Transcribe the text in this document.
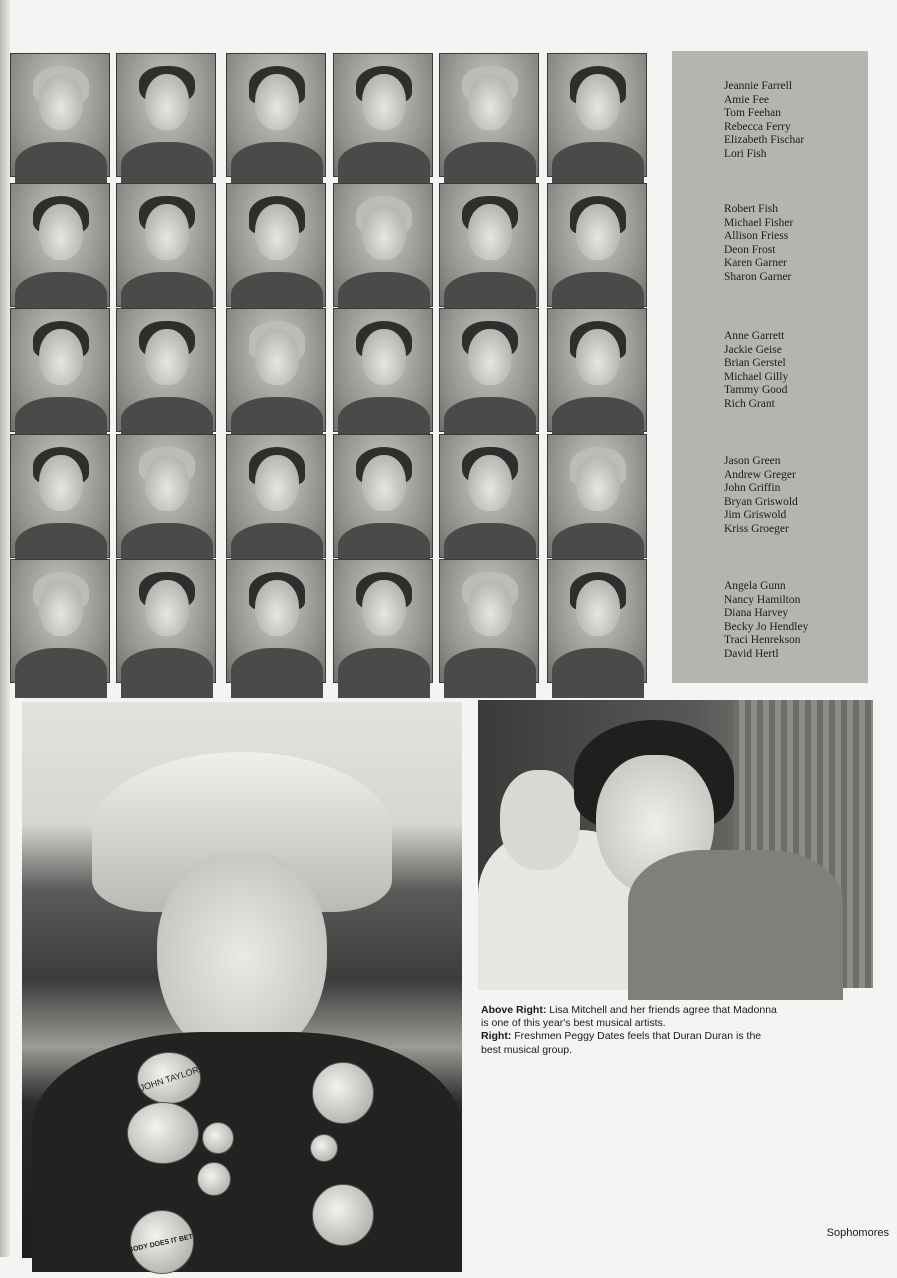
Jeannie Farrell
Amie Fee
Tom Feehan
Rebecca Ferry
Elizabeth Fischar
Lori Fish
Robert Fish
Michael Fisher
Allison Friess
Deon Frost
Karen Garner
Sharon Garner
Anne Garrett
Jackie Geise
Brian Gerstel
Michael Gilly
Tammy Good
Rich Grant
Jason Green
Andrew Greger
John Griffin
Bryan Griswold
Jim Griswold
Kriss Groeger
Angela Gunn
Nancy Hamilton
Diana Harvey
Becky Jo Hendley
Traci Henrekson
David Hertl
JOHN TAYLOR
NOBODY DOES IT BETTER
Above Right: Lisa Mitchell and her friends agree that Madonna is one of this year's best musical artists.
Right: Freshmen Peggy Dates feels that Duran Duran is the best musical group.
Sophomores
